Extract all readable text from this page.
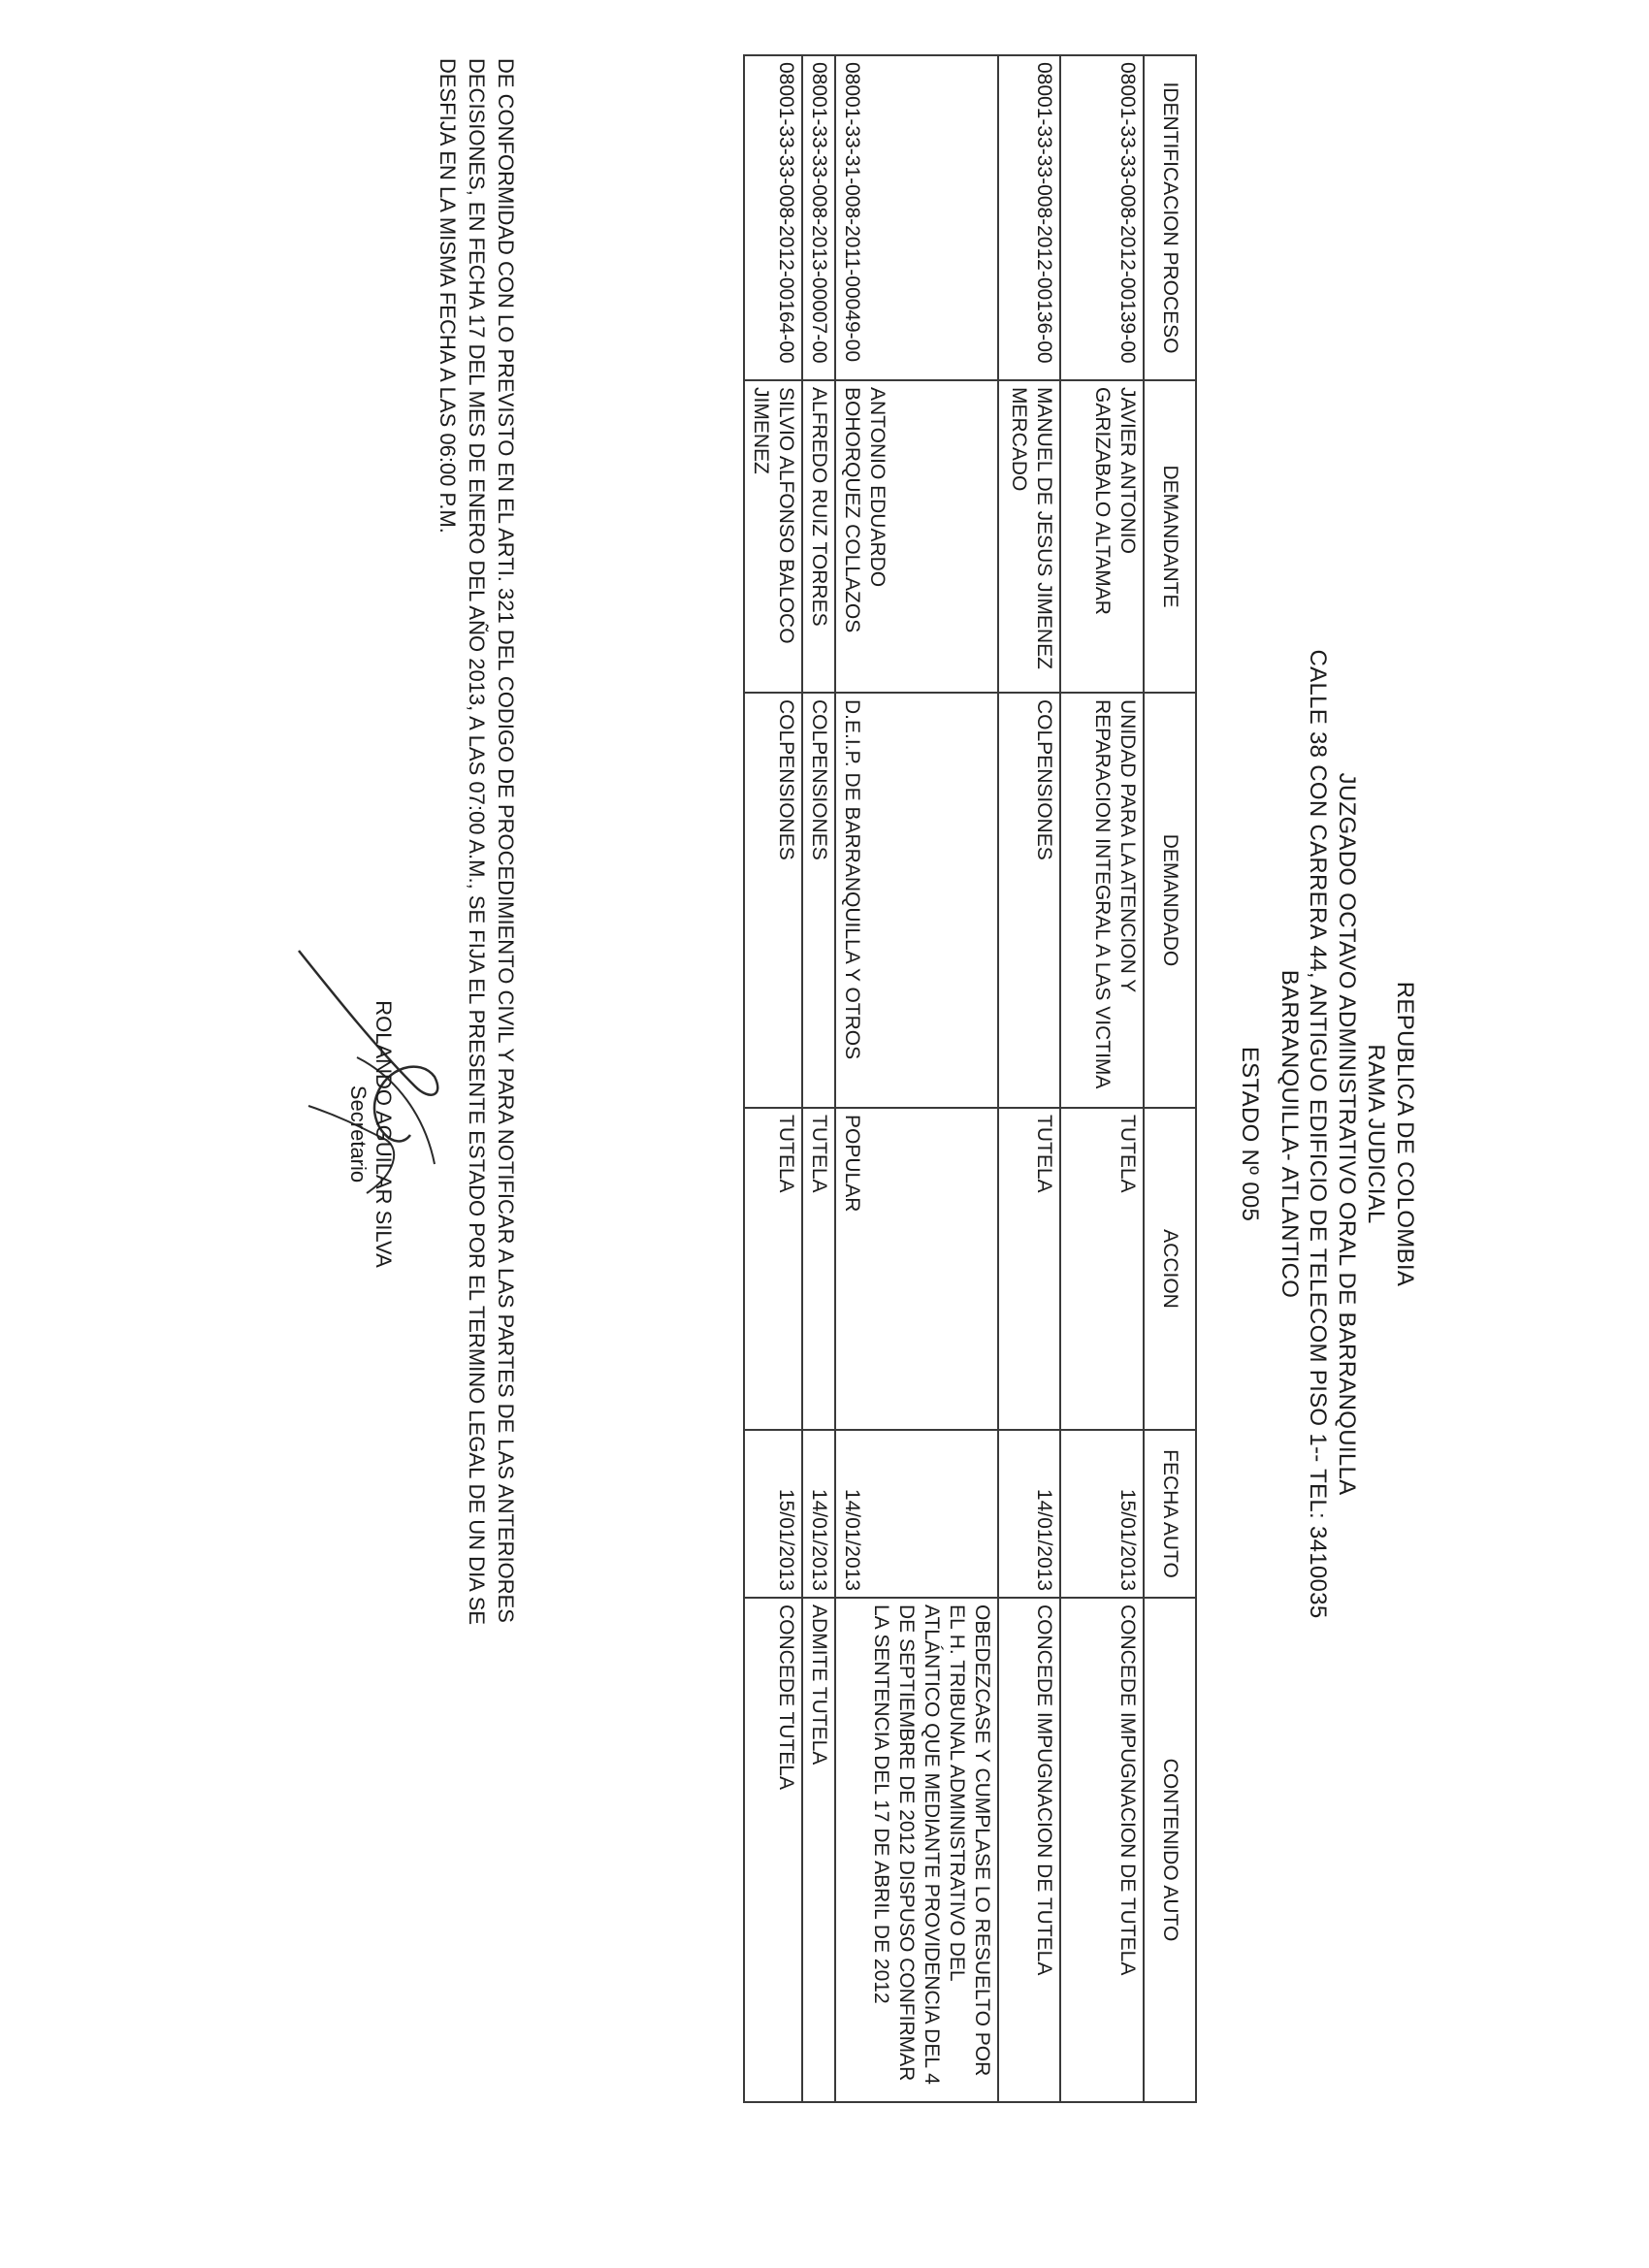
REPUBLICA DE COLOMBIA
RAMA JUDICIAL
JUZGADO OCTAVO ADMINISTRATIVO ORAL DE BARRANQUILLA
CALLE 38 CON CARRERA 44, ANTIGUO EDIFICIO DE TELECOM PISO 1-- TEL: 3410035
BARRANQUILLA- ATLANTICO
ESTADO Nº 005
IDENTIFICACION PROCESO	DEMANDANTE	DEMANDADO	ACCION	FECHA AUTO	CONTENIDO AUTO
08001-33-33-008-2012-00139-00	JAVIER ANTONIO GARIZABALO ALTAMAR	UNIDAD PARA LA ATENCION Y REPARACION INTEGRAL A LAS VICTIMA	TUTELA	15/01/2013	CONCEDE IMPUGNACION DE TUTELA
08001-33-33-008-2012-00136-00	MANUEL DE JESUS JIMENEZ MERCADO	COLPENSIONES	TUTELA	14/01/2013	CONCEDE IMPUGNACION DE TUTELA
08001-33-31-008-2011-00049-00	ANTONIO EDUARDO BOHORQUEZ COLLAZOS	D.E.I.P. DE BARRANQUILLA Y OTROS	POPULAR	14/01/2013	OBEDEZCASE Y CUMPLASE LO RESUELTO POR EL H. TRIBUNAL ADMINISTRATIVO DEL ATLÁNTICO QUE MEDIANTE PROVIDENCIA DEL 4 DE SEPTIEMBRE DE 2012 DISPUSO CONFIRMAR LA SENTENCIA DEL 17 DE ABRIL DE 2012
08001-33-33-008-2013-00007-00	ALFREDO RUIZ TORRES	COLPENSIONES	TUTELA	14/01/2013	ADMITE TUTELA
08001-33-33-008-2012-00164-00	SILVIO ALFONSO BALOCO JIMENEZ	COLPENSIONES	TUTELA	15/01/2013	CONCEDE TUTELA
DE CONFORMIDAD CON LO PREVISTO EN EL ARTI. 321 DEL CODIGO DE PROCEDIMIENTO CIVIL Y PARA NOTIFICAR A LAS PARTES DE LAS ANTERIORES
DECISIONES, EN FECHA 17 DEL MES DE ENERO DEL AÑO 2013, A LAS 07:00 A.M., SE FIJA EL PRESENTE ESTADO POR EL TERMINO LEGAL DE UN DIA SE
DESFIJA EN LA MISMA FECHA A LAS 06:00 P.M.
ROLANDO AGUILAR SILVA
Secretario
